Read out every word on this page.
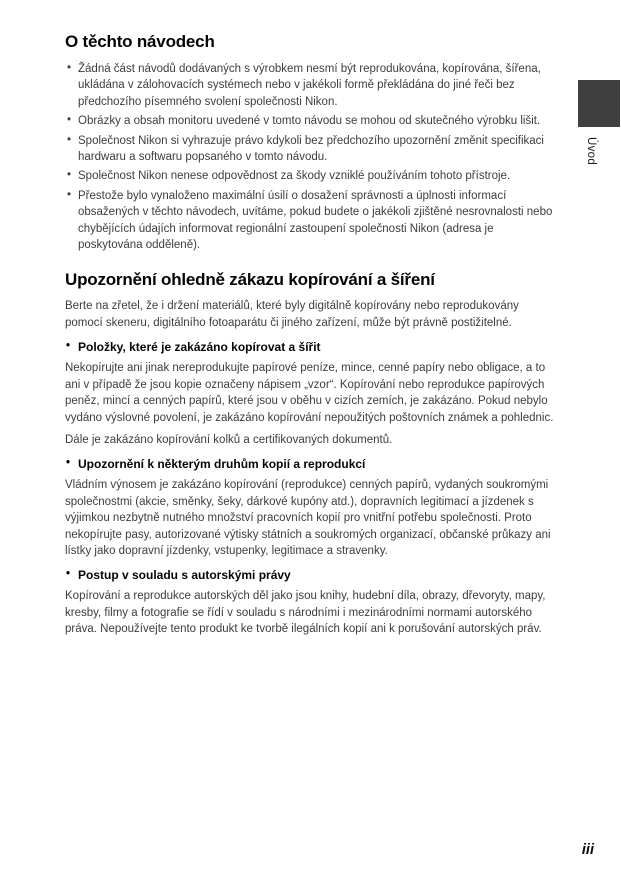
O těchto návodech
• Žádná část návodů dodávaných s výrobkem nesmí být reprodukována, kopírována, šířena, ukládána v zálohovacích systémech nebo v jakékoli formě překládána do jiné řeči bez předchozího písemného svolení společnosti Nikon.
• Obrázky a obsah monitoru uvedené v tomto návodu se mohou od skutečného výrobku lišit.
• Společnost Nikon si vyhrazuje právo kdykoli bez předchozího upozornění změnit specifikaci hardwaru a softwaru popsaného v tomto návodu.
• Společnost Nikon nenese odpovědnost za škody vzniklé používáním tohoto přístroje.
• Přestože bylo vynaloženo maximální úsilí o dosažení správnosti a úplnosti informací obsažených v těchto návodech, uvítáme, pokud budete o jakékoli zjištěné nesrovnalosti nebo chybějících údajích informovat regionální zastoupení společnosti Nikon (adresa je poskytována odděleně).
Upozornění ohledně zákazu kopírování a šíření

Berte na zřetel, že i držení materiálů, které byly digitálně kopírovány nebo reprodukovány pomocí skeneru, digitálního fotoaparátu či jiného zařízení, může být právně postižitelné.

• Položky, které je zakázáno kopírovat a šířit

Nekopírujte ani jinak nereprodukujte papírové peníze, mince, cenné papíry nebo obligace, a to ani v případě že jsou kopie označeny nápisem „vzor“. Kopírování nebo reprodukce papírových peněz, mincí a cenných papírů, které jsou v oběhu v cizích zemích, je zakázáno. Pokud nebylo vydáno výslovné povolení, je zakázáno kopírování nepoužitých poštovních známek a pohlednic.

Dále je zakázáno kopírování kolků a certifikovaných dokumentů.

• Upozornění k některým druhům kopií a reprodukcí

Vládním výnosem je zakázáno kopírování (reprodukce) cenných papírů, vydaných soukromými společnostmi (akcie, směnky, šeky, dárkové kupóny atd.), dopravních legitimací a jízdenek s výjimkou nezbytně nutného množství pracovních kopií pro vnitřní potřebu společnosti. Proto nekopírujte pasy, autorizované výtisky státních a soukromých organizací, občanské průkazy ani lístky jako dopravní jízdenky, vstupenky, legitimace a stravenky.

• Postup v souladu s autorskými právy

Kopírování a reprodukce autorských děl jako jsou knihy, hudební díla, obrazy, dřevoryty, mapy, kresby, filmy a fotografie se řídí v souladu s národními i mezinárodními normami autorského práva. Nepoužívejte tento produkt ke tvorbě ilegálních kopií ani k porušování autorských práv.

Úvod
iii
